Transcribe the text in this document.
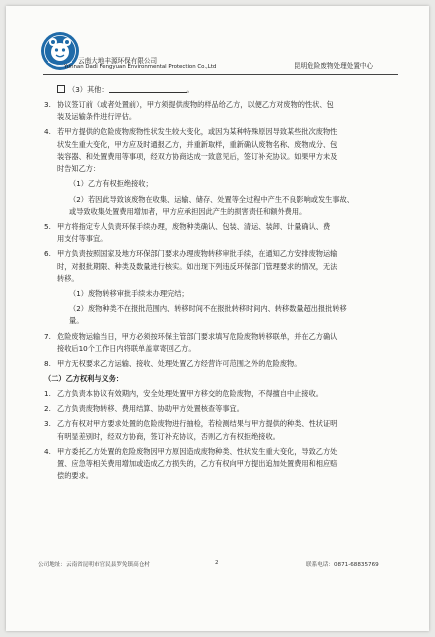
云南大地丰源环保有限公司
Yunnan Dadi Fengyuan Environmental Protection Co.,Ltd	昆明危险废物处理处置中心
（3）其他：	。
3. 协议签订前（或者处置前），甲方须提供废物的样品给乙方，以便乙方对废物的性状、包
装及运输条件进行评估。
4. 若甲方提供的危险废物废物性状发生较大变化，或因为某种特殊原因导致某些批次废物性
状发生重大变化，甲方应及时通报乙方，并重新取样，重新确认废物名称、废物成分、包
装容器、和处置费用等事项，经双方协商达成一致意见后，签订补充协议。如果甲方未及
时告知乙方：
（1）乙方有权拒绝接收；
（2）若因此导致该废物在收集、运输、储存、处置等全过程中产生不良影响或发生事故、
或导致收集处置费用增加者，甲方应承担因此产生的损害责任和额外费用。
5. 甲方将指定专人负责环保手续办理，废物种类确认、包装、清运、装卸、计量确认、费
用支付等事宜。
6. 甲方负责按照国家及地方环保部门要求办理废物转移审批手续，在通知乙方安排废物运输
时，对报批期限、种类及数量进行核实。如出现下列违反环保部门管理要求的情况，无法
转移。
（1）废物转移审批手续未办理完结；
（2）废物种类不在报批范围内、转移时间不在报批转移时间内、转移数量超出报批转移
量。
7. 危险废物运输当日，甲方必须按环保主管部门要求填写危险废物转移联单，并在乙方确认
接收后10个工作日内将联单盖章寄回乙方。
8. 甲方无权要求乙方运输、接收、处理处置乙方经营许可范围之外的危险废物。
（二）乙方权利与义务：
1. 乙方负责本协议有效期内，安全处理处置甲方移交的危险废物，不得擅自中止接收。
2. 乙方负责废物转移、费用结算、协助甲方处置核查等事宜。
3. 乙方有权对甲方要求处置的危险废物进行抽检，若检测结果与甲方提供的种类、性状证明
有明显差别时，经双方协商，签订补充协议，否则乙方有权拒绝接收。
4. 甲方委托乙方处置的危险废物因甲方原因造成废物种类、性状发生重大变化，导致乙方处
置、应急等相关费用增加或造成乙方损失的，乙方有权向甲方提出追加处置费用和相应赔
偿的要求。
公司地址：云南省昆明市官民县罗免镇高仓村	2	联系电话：0871-68835769
